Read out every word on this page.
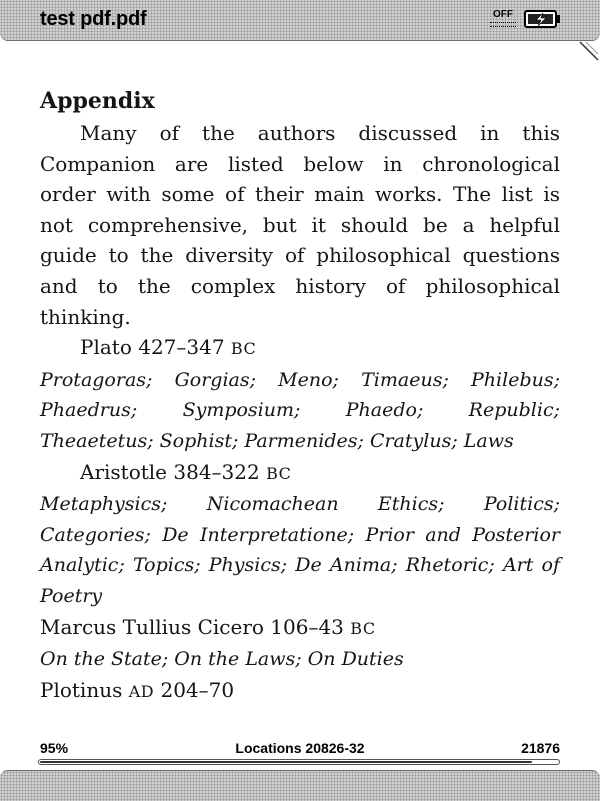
test pdf.pdf	OFF
Appendix

Many of the authors discussed in this Companion are listed below in chronological order with some of their main works. The list is not comprehensive, but it should be a helpful guide to the diversity of philosophical questions and to the complex history of philosophical thinking.

Plato 427–347 BC

Protagoras; Gorgias; Meno; Timaeus; Philebus; Phaedrus; Symposium; Phaedo; Republic; Theaetetus; Sophist; Parmenides; Cratylus; Laws

Aristotle 384–322 BC

Metaphysics; Nicomachean Ethics; Politics; Categories; De Interpretatione; Prior and Posterior Analytic; Topics; Physics; De Anima; Rhetoric; Art of Poetry

Marcus Tullius Cicero 106–43 BC

On the State; On the Laws; On Duties

Plotinus AD 204–70

95%	Locations 20826-32	21876
